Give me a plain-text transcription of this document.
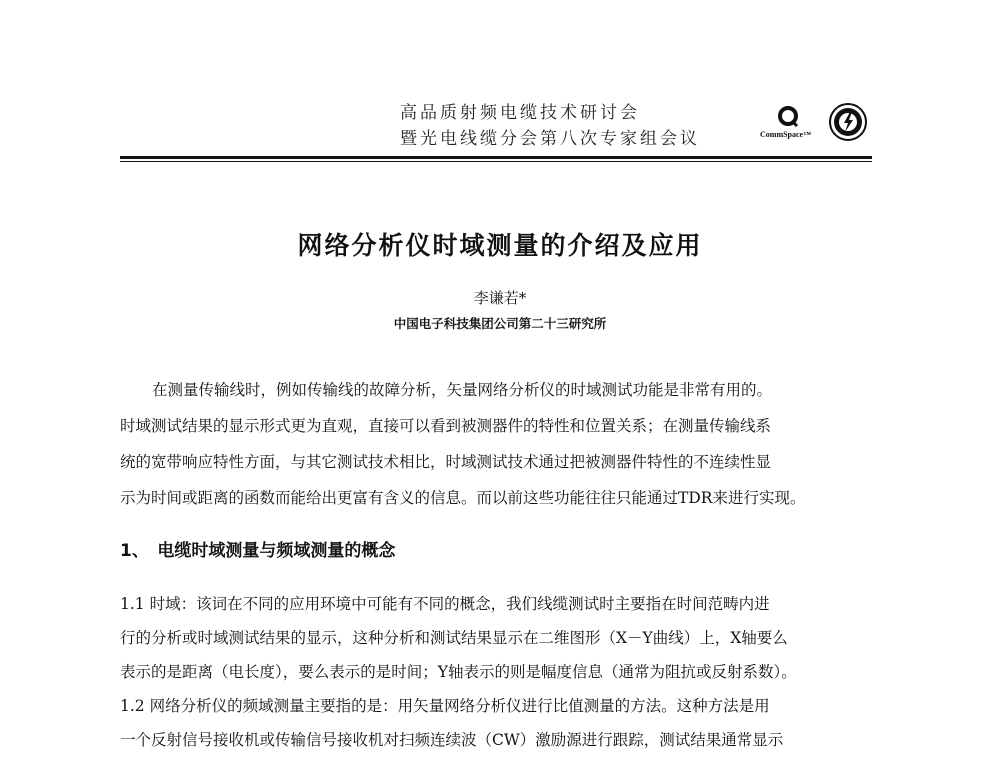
高品质射频电缆技术研讨会
暨光电线缆分会第八次专家组会议	CommSpace™
网络分析仪时域测量的介绍及应用
李谦若*
中国电子科技集团公司第二十三研究所
在测量传输线时，例如传输线的故障分析，矢量网络分析仪的时域测试功能是非常有用的。
时域测试结果的显示形式更为直观，直接可以看到被测器件的特性和位置关系；在测量传输线系
统的宽带响应特性方面，与其它测试技术相比，时域测试技术通过把被测器件特性的不连续性显
示为时间或距离的函数而能给出更富有含义的信息。而以前这些功能往往只能通过TDR来进行实现。
1、　电缆时域测量与频域测量的概念
1.1 时域：该词在不同的应用环境中可能有不同的概念，我们线缆测试时主要指在时间范畴内进
行的分析或时域测试结果的显示，这种分析和测试结果显示在二维图形（X－Y曲线）上，X轴要么
表示的是距离（电长度），要么表示的是时间；Y轴表示的则是幅度信息（通常为阻抗或反射系数）。
1.2 网络分析仪的频域测量主要指的是：用矢量网络分析仪进行比值测量的方法。这种方法是用
一个反射信号接收机或传输信号接收机对扫频连续波（CW）激励源进行跟踪，测试结果通常显示
